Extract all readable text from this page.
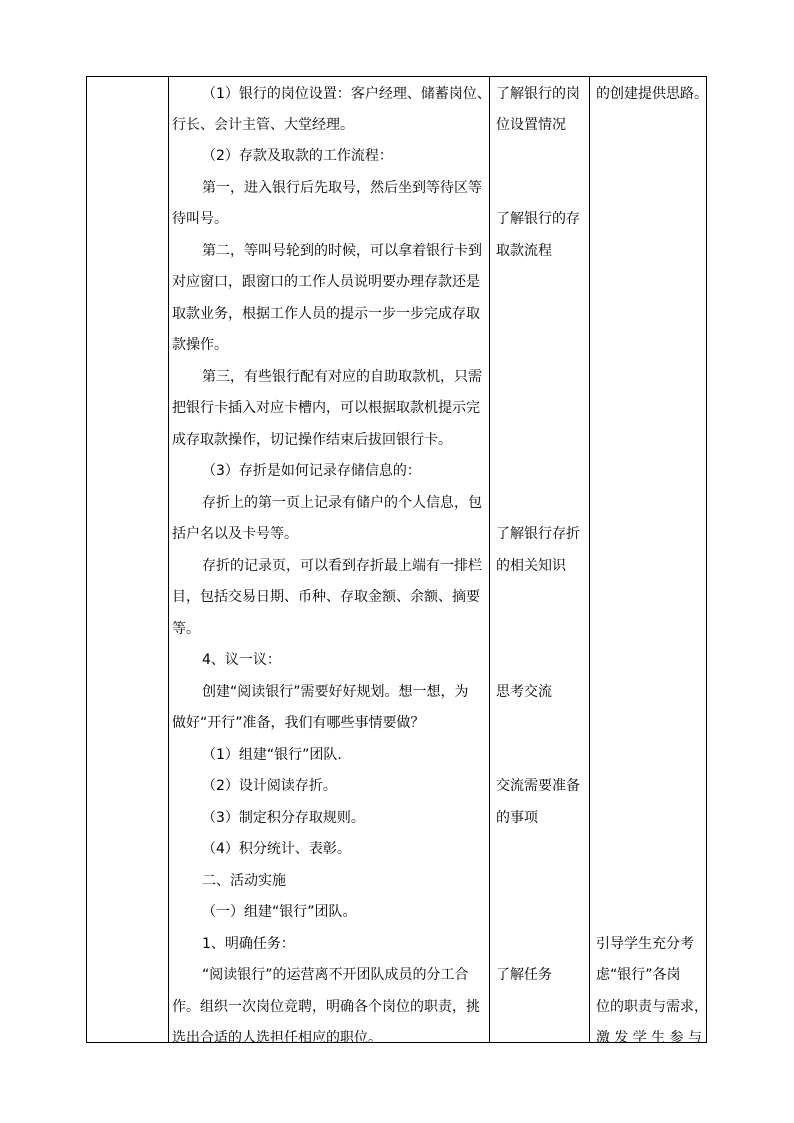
（1）银行的岗位设置：客户经理、储蓄岗位、
行长、会计主管、大堂经理。
（2）存款及取款的工作流程：
第一，进入银行后先取号，然后坐到等待区等
待叫号。
第二，等叫号轮到的时候，可以拿着银行卡到
对应窗口，跟窗口的工作人员说明要办理存款还是
取款业务，根据工作人员的提示一步一步完成存取
款操作。
第三，有些银行配有对应的自助取款机，只需
把银行卡插入对应卡槽内，可以根据取款机提示完
成存取款操作，切记操作结束后拔回银行卡。
（3）存折是如何记录存储信息的：
存折上的第一页上记录有储户的个人信息，包
括户名以及卡号等。
存折的记录页，可以看到存折最上端有一排栏
目，包括交易日期、币种、存取金额、余额、摘要
等。
4、议一议：
创建“阅读银行”需要好好规划。想一想，为
做好“开行”准备，我们有哪些事情要做？
（1）组建“银行”团队.
（2）设计阅读存折。
（3）制定积分存取规则。
（4）积分统计、表彰。
二、活动实施
（一）组建“银行”团队。
1、明确任务：
“阅读银行”的运营离不开团队成员的分工合
作。组织一次岗位竞聘，明确各个岗位的职责，挑
选出合适的人选担任相应的职位。
了解银行的岗
位设置情况
了解银行的存
取款流程
了解银行存折
的相关知识
思考交流
交流需要准备
的事项
了解任务
的创建提供思路。
引导学生充分考
虑“银行”各岗
位的职责与需求，
激 发 学 生 参 与
